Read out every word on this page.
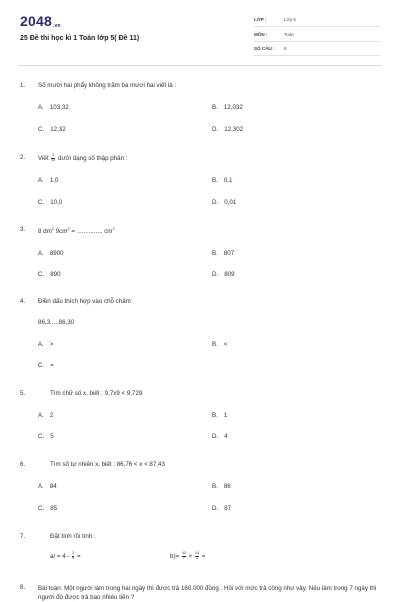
2048.vn
25 Đề thi học kì 1 Toán lớp 5( Đề 11)
LỚP :	Lớp 5
MÔN :	Toán
SỐ CÂU : 8
1. Số mười hai phẩy không trăm ba mươi hai viết là :
A. 103,32	B. 12,032
C. 12,32	D. 12,302
2. Viết $\frac{3}{10}$ dưới dạng số thập phân :
A. 1,0	B. 0,1
C. 10,0	D. 0,01
3. 8 $dm^2$ $9cm^2$ = ............... $cm^2$
A. 8900	B. 807
C. 890	D. 809
4. Điền dấu thích hợp vào chỗ chấm
86,3.....86,30
A. >	B. <
C. =
5.	Tìm chữ số x, biết : 9,7x9 < 9,729
A. 2	B. 1
C. 5	D. 4
6.	Tìm số tự nhiên x, biết : 86,76 < x < 87,43
A. 84	B. 86
C. 85	D. 87
7.	Đặt tính rồi tính :
$a/ = 4 - \frac{2}{5}$ =	$b)= \frac{43}{7} \times \frac{14}{3}$ =
8. Bài toán: Một người làm trong hai ngày thì được trả 160.000 đồng . Hỏi với mức trả công như vậy. Nếu làm trong 7 ngày thì người đó được trả bao nhiêu tiền ?
